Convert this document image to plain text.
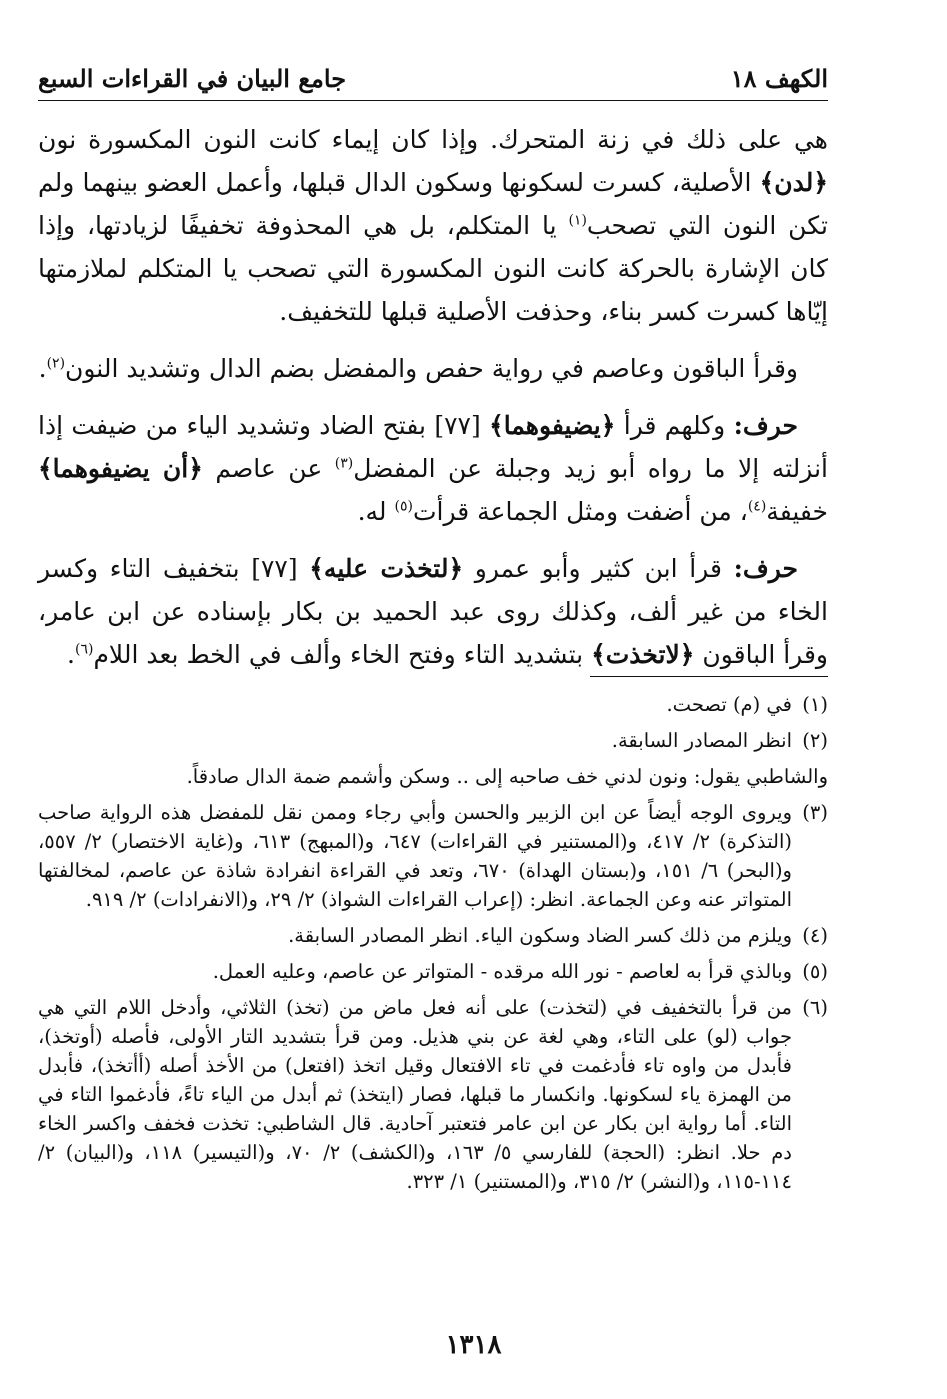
الكهف ١٨
جامع البيان في القراءات السبع

هي على ذلك في زنة المتحرك. وإذا كان إيماء كانت النون المكسورة نون ﴿لدن﴾ الأصلية، كسرت لسكونها وسكون الدال قبلها، وأعمل العضو بينهما ولم تكن النون التي تصحب$^{(١)}$ يا المتكلم، بل هي المحذوفة تخفيفًا لزيادتها، وإذا كان الإشارة بالحركة كانت النون المكسورة التي تصحب يا المتكلم لملازمتها إيّاها كسرت كسر بناء، وحذفت الأصلية قبلها للتخفيف.

وقرأ الباقون وعاصم في رواية حفص والمفضل بضم الدال وتشديد النون$^{(٢)}$.

حرف: وكلهم قرأ ﴿يضيفوهما﴾ [٧٧] بفتح الضاد وتشديد الياء من ضيفت إذا أنزلته إلا ما رواه أبو زيد وجبلة عن المفضل$^{(٣)}$ عن عاصم ﴿أن يضيفوهما﴾ خفيفة$^{(٤)}$، من أضفت ومثل الجماعة قرأت$^{(٥)}$ له.

حرف: قرأ ابن كثير وأبو عمرو ﴿لتخذت عليه﴾ [٧٧] بتخفيف التاء وكسر الخاء من غير ألف، وكذلك روى عبد الحميد بن بكار بإسناده عن ابن عامر، وقرأ الباقون ﴿لاتخذت﴾ بتشديد التاء وفتح الخاء وألف في الخط بعد اللام$^{(٦)}$.

(١)
في (م) تصحت.
(٢)
انظر المصادر السابقة.
والشاطبي يقول: ونون لدني خف صاحبه إلى .. وسكن وأشمم ضمة الدال صادقاً.
(٣)
ويروى الوجه أيضاً عن ابن الزبير والحسن وأبي رجاء وممن نقل للمفضل هذه الرواية صاحب (التذكرة) ٢/ ٤١٧، و(المستنير في القراءات) ٦٤٧، و(المبهج) ٦١٣، و(غاية الاختصار) ٢/ ٥٥٧، و(البحر) ٦/ ١٥١، و(بستان الهداة) ٦٧٠، وتعد في القراءة انفرادة شاذة عن عاصم، لمخالفتها المتواتر عنه وعن الجماعة. انظر: (إعراب القراءات الشواذ) ٢/ ٢٩، و(الانفرادات) ٢/ ٩١٩.
(٤)
ويلزم من ذلك كسر الضاد وسكون الياء. انظر المصادر السابقة.
(٥)
وبالذي قرأ به لعاصم - نور الله مرقده - المتواتر عن عاصم، وعليه العمل.
(٦)
من قرأ بالتخفيف في (لتخذت) على أنه فعل ماض من (تخذ) الثلاثي، وأدخل اللام التي هي جواب (لو) على التاء، وهي لغة عن بني هذيل. ومن قرأ بتشديد التار الأولى، فأصله (أوتخذ)، فأبدل من واوه تاء فأدغمت في تاء الافتعال وقيل اتخذ (افتعل) من الأخذ أصله (أأتخذ)، فأبدل من الهمزة ياء لسكونها. وانكسار ما قبلها، فصار (ايتخذ) ثم أبدل من الياء تاءً، فأدغموا التاء في التاء. أما رواية ابن بكار عن ابن عامر فتعتبر آحادية. قال الشاطبي: تخذت فخفف واكسر الخاء دم حلا. انظر: (الحجة) للفارسي ٥/ ١٦٣، و(الكشف) ٢/ ٧٠، و(التيسير) ١١٨، و(البيان) ٢/ ١١٤-١١٥، و(النشر) ٢/ ٣١٥، و(المستنير) ١/ ٣٢٣.
١٣١٨
